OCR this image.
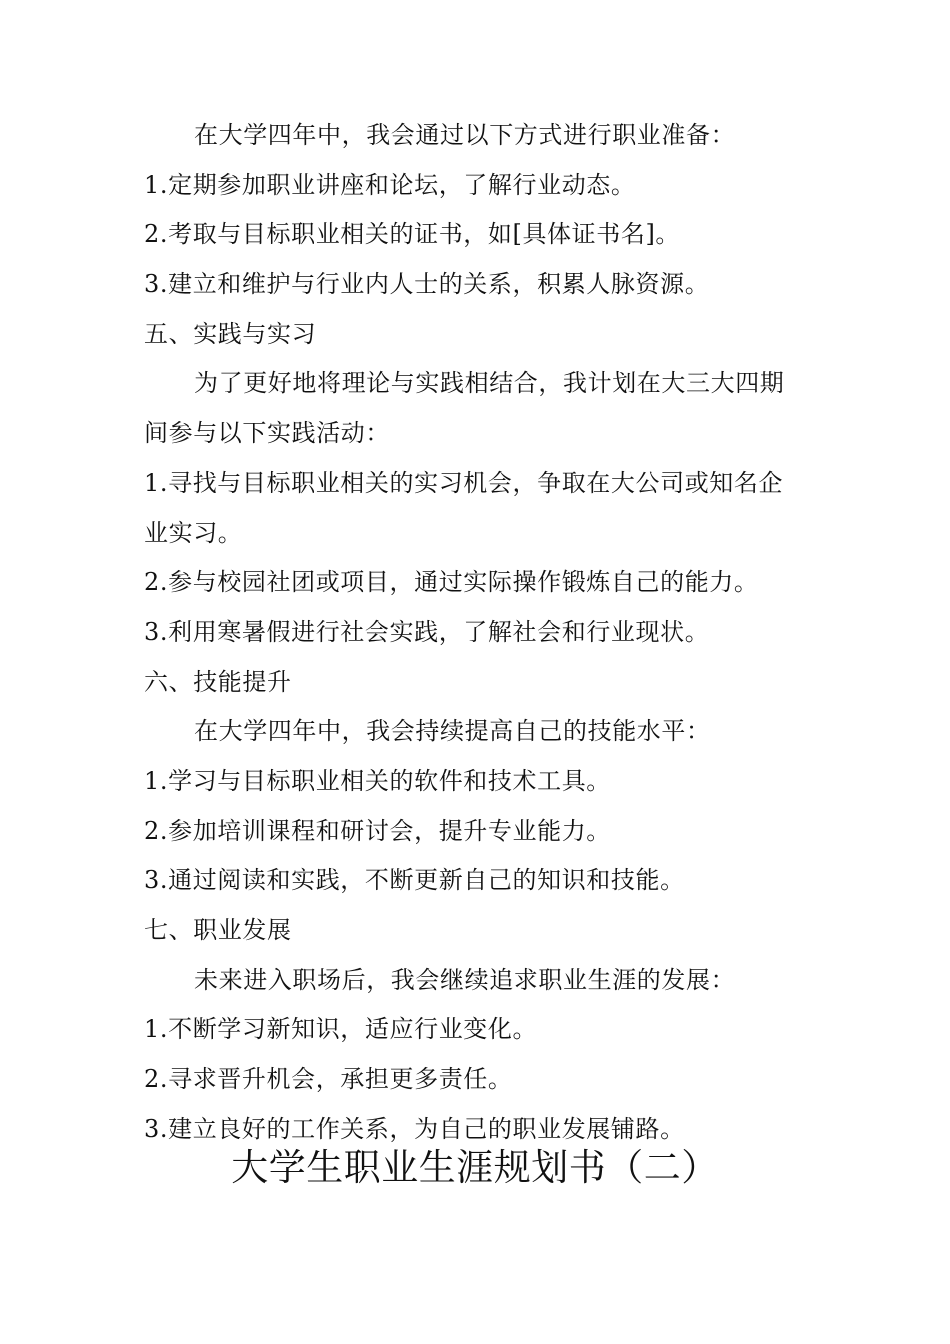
在大学四年中，我会通过以下方式进行职业准备：
1.定期参加职业讲座和论坛，了解行业动态。
2.考取与目标职业相关的证书，如[具体证书名]。
3.建立和维护与行业内人士的关系，积累人脉资源。
五、实践与实习
为了更好地将理论与实践相结合，我计划在大三大四期
间参与以下实践活动：
1.寻找与目标职业相关的实习机会，争取在大公司或知名企
业实习。
2.参与校园社团或项目，通过实际操作锻炼自己的能力。
3.利用寒暑假进行社会实践，了解社会和行业现状。
六、技能提升
在大学四年中，我会持续提高自己的技能水平：
1.学习与目标职业相关的软件和技术工具。
2.参加培训课程和研讨会，提升专业能力。
3.通过阅读和实践，不断更新自己的知识和技能。
七、职业发展
未来进入职场后，我会继续追求职业生涯的发展：
1.不断学习新知识，适应行业变化。
2.寻求晋升机会，承担更多责任。
3.建立良好的工作关系，为自己的职业发展铺路。
大学生职业生涯规划书（二）
